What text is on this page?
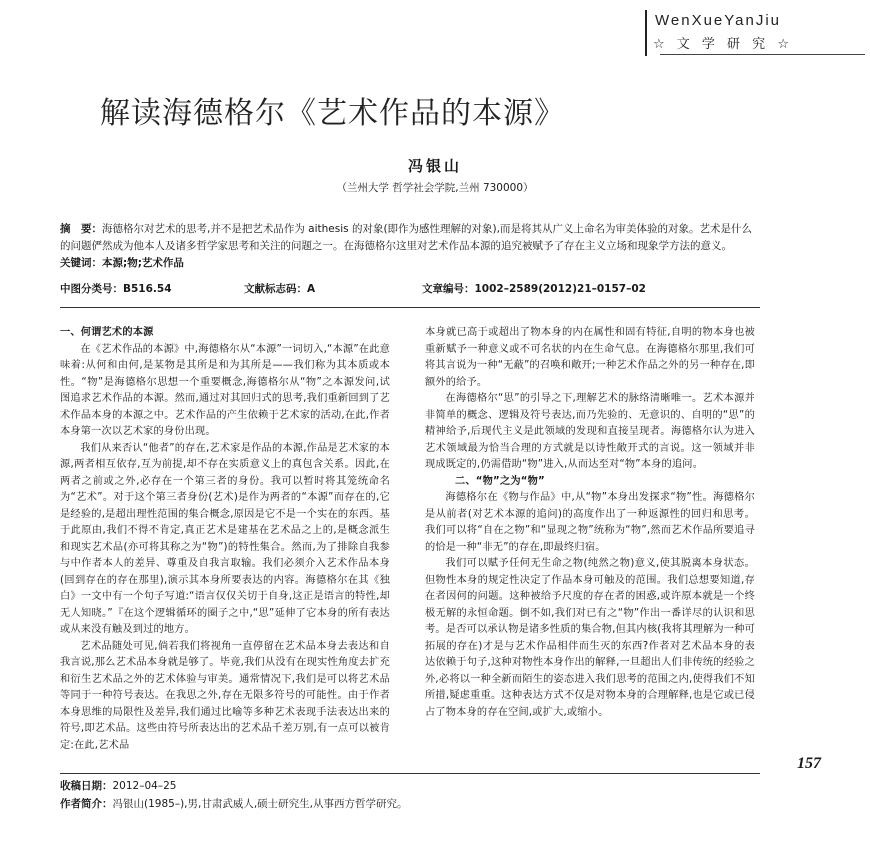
WenXueYanJiu
☆ 文 学 研 究 ☆
解读海德格尔《艺术作品的本源》
冯银山
（兰州大学 哲学社会学院,兰州 730000）

摘　要：海德格尔对艺术的思考,并不是把艺术品作为 aithesis 的对象(即作为感性理解的对象),而是将其从广义上命名为审美体验的对象。艺术是什么的问题俨然成为他本人及诸多哲学家思考和关注的问题之一。在海德格尔这里对艺术作品本源的追究被赋予了存在主义立场和现象学方法的意义。

关键词：本源;物;艺术作品

中图分类号：B516.54	文献标志码：A	文章编号：1002–2589(2012)21–0157–02

一、何谓艺术的本源

在《艺术作品的本源》中,海德格尔从“本源”一词切入,“本源”在此意味着:从何和由何,是某物是其所是和为其所是——我们称为其本质或本性。“物”是海德格尔思想一个重要概念,海德格尔从“物”之本源发问,试图追求艺术作品的本源。然而,通过对其回归式的思考,我们重新回到了艺术作品本身的本源之中。艺术作品的产生依赖于艺术家的活动,在此,作者本身第一次以艺术家的身份出现。

我们从来否认“他者”的存在,艺术家是作品的本源,作品是艺术家的本源,两者相互依存,互为前提,却不存在实质意义上的真包含关系。因此,在两者之前或之外,必存在一个第三者的身份。我可以暂时将其笼统命名为“艺术”。对于这个第三者身份(艺术)是作为两者的“本源”而存在的,它是经验的,是超出理性范围的集合概念,原因是它不是一个实在的东西。基于此原由,我们不得不肯定,真正艺术是建基在艺术品之上的,是概念派生和现实艺术品(亦可将其称之为“物”)的特性集合。然而,为了排除自我参与中作者本人的差异、尊重及自我言取输。我们必须介入艺术作品本身(回到存在的存在那里),演示其本身所要表达的内容。海德格尔在其《独白》一文中有一个句子写道:“语言仅仅关切于自身,这正是语言的特性,却无人知晓。”『在这个逻辑循环的圈子之中,“思”延伸了它本身的所有表达或从来没有触及到过的地方。

艺术品随处可见,倘若我们将视角一直停留在艺术品本身去表达和自我言说,那么艺术品本身就是够了。毕竟,我们从没有在现实性角度去扩充和衍生艺术品之外的艺术体验与审美。通常情况下,我们是可以将艺术品等同于一种符号表达。在我思之外,存在无限多符号的可能性。由于作者本身思维的局限性及差异,我们通过比喻等多种艺术表现手法表达出来的符号,即艺术品。这些由符号所表达出的艺术品千差万别,有一点可以被肯定:在此,艺术品

本身就已高于或超出了物本身的内在属性和固有特征,自明的物本身也被重新赋予一种意义或不可名状的内在生命气息。在海德格尔那里,我们可将其言说为一种“无蔽”的召唤和敞开;一种艺术作品之外的另一种存在,即额外的给予。

在海德格尔“思”的引导之下,理解艺术的脉络清晰唯一。艺术本源并非简单的概念、逻辑及符号表达,而乃先验的、无意识的、自明的“思”的精神给予,后现代主义是此领域的发现和直接呈现者。海德格尔认为进入艺术领域最为恰当合理的方式就是以诗性敞开式的言说。这一领域并非现成既定的,仍需借助“物”进入,从而达至对“物”本身的追问。

二、“物”之为“物”

海德格尔在《物与作品》中,从“物”本身出发探求“物”性。海德格尔是从前者(对艺术本源的追问)的高度作出了一种返源性的回归和思考。我们可以将“自在之物”和“显现之物”统称为“物”,然而艺术作品所要追寻的恰是一种“非无”的存在,即最终归宿。

我们可以赋予任何无生命之物(纯然之物)意义,使其脱离本身状态。但物性本身的规定性决定了作品本身可触及的范围。我们总想要知道,存在者因何的问题。这种被给予尺度的存在者的困惑,或许原本就是一个终极无解的永恒命题。倒不如,我们对已有之“物”作出一番详尽的认识和思考。是否可以承认物是诸多性质的集合物,但其内核(我将其理解为一种可拓展的存在)才是与艺术作品相伴而生灭的东西?作者对艺术品本身的表达依赖于句子,这种对物性本身作出的解释,一旦超出人们非传统的经验之外,必将以一种全新而陌生的姿态进入我们思考的范围之内,使得我们不知所措,疑虑重重。这种表达方式不仅是对物本身的合理解释,也是它或已侵占了物本身的存在空间,或扩大,或缩小。

157
收稿日期：2012–04–25
作者简介：冯银山(1985–),男,甘肃武威人,硕士研究生,从事西方哲学研究。
